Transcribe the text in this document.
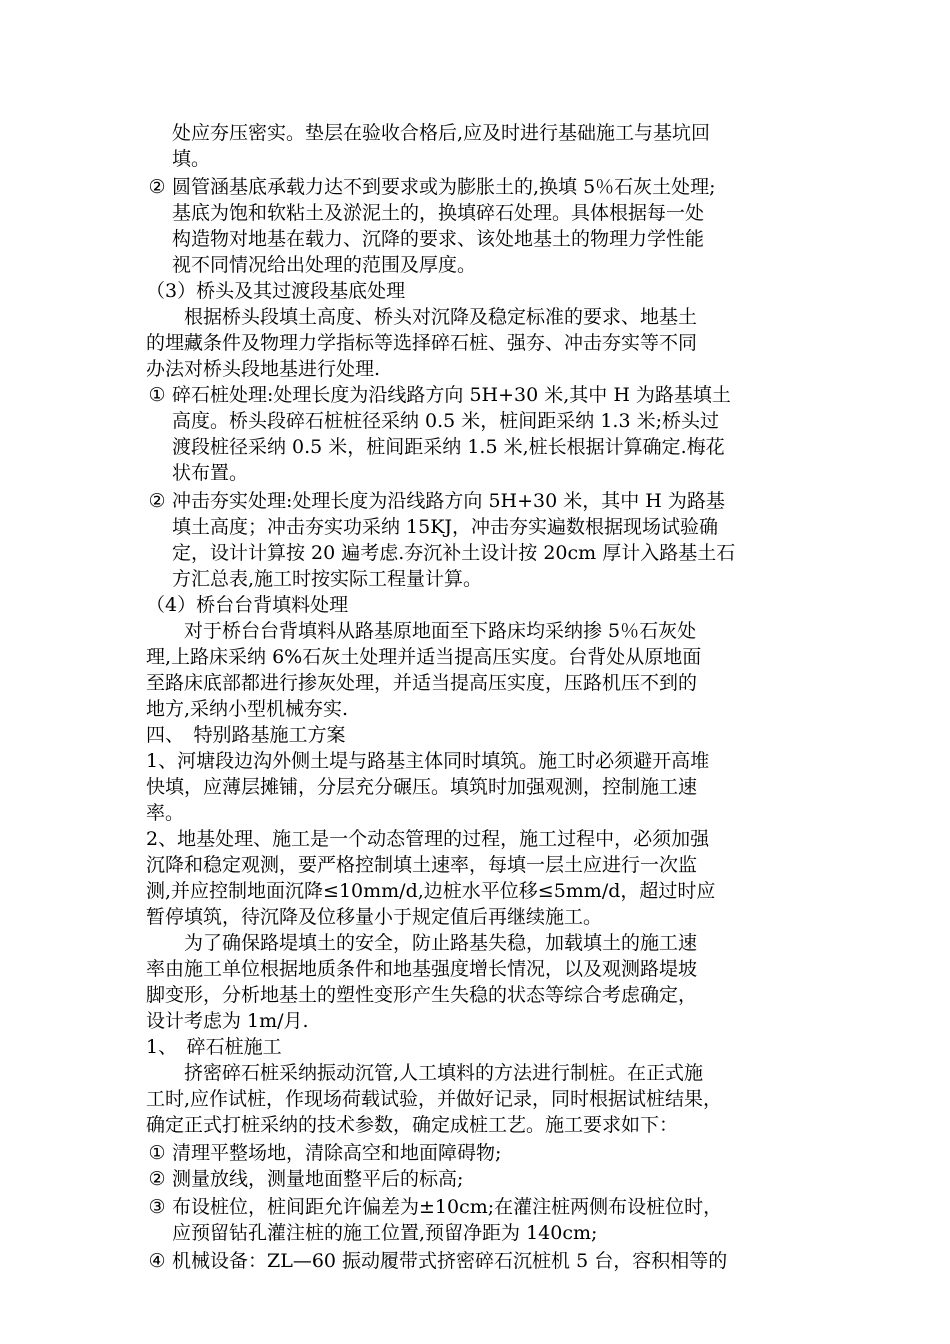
处应夯压密实。垫层在验收合格后,应及时进行基础施工与基坑回
填。
② 圆管涵基底承载力达不到要求或为膨胀土的,换填 5％石灰土处理;
基底为饱和软粘土及淤泥土的，换填碎石处理。具体根据每一处
构造物对地基在载力、沉降的要求、该处地基土的物理力学性能
视不同情况给出处理的范围及厚度。
（3）桥头及其过渡段基底处理
根据桥头段填土高度、桥头对沉降及稳定标准的要求、地基土
的埋藏条件及物理力学指标等选择碎石桩、强夯、冲击夯实等不同
办法对桥头段地基进行处理.
① 碎石桩处理:处理长度为沿线路方向 5H+30 米,其中 H 为路基填土
高度。桥头段碎石桩桩径采纳 0.5 米，桩间距采纳 1.3 米;桥头过
渡段桩径采纳 0.5 米，桩间距采纳 1.5 米,桩长根据计算确定.梅花
状布置。
② 冲击夯实处理:处理长度为沿线路方向 5H+30 米，其中 H 为路基
填土高度；冲击夯实功采纳 15KJ，冲击夯实遍数根据现场试验确
定，设计计算按 20 遍考虑.夯沉补土设计按 20cm 厚计入路基土石
方汇总表,施工时按实际工程量计算。
（4）桥台台背填料处理
对于桥台台背填料从路基原地面至下路床均采纳掺 5％石灰处
理,上路床采纳 6%石灰土处理并适当提高压实度。台背处从原地面
至路床底部都进行掺灰处理，并适当提高压实度，压路机压不到的
地方,采纳小型机械夯实.
四、　特别路基施工方案
1、河塘段边沟外侧土堤与路基主体同时填筑。施工时必须避开高堆
快填，应薄层摊铺，分层充分碾压。填筑时加强观测，控制施工速
率。
2、地基处理、施工是一个动态管理的过程，施工过程中，必须加强
沉降和稳定观测，要严格控制填土速率，每填一层土应进行一次监
测,并应控制地面沉降≤10mm/d,边桩水平位移≤5mm/d，超过时应
暂停填筑，待沉降及位移量小于规定值后再继续施工。
为了确保路堤填土的安全，防止路基失稳，加载填土的施工速
率由施工单位根据地质条件和地基强度增长情况，以及观测路堤坡
脚变形，分析地基土的塑性变形产生失稳的状态等综合考虑确定，
设计考虑为 1m/月.
1、　碎石桩施工
挤密碎石桩采纳振动沉管,人工填料的方法进行制桩。在正式施
工时,应作试桩，作现场荷载试验，并做好记录，同时根据试桩结果，
确定正式打桩采纳的技术参数，确定成桩工艺。施工要求如下：
① 清理平整场地，清除高空和地面障碍物;
② 测量放线，测量地面整平后的标高;
③ 布设桩位，桩间距允许偏差为±10cm;在灌注桩两侧布设桩位时，
应预留钻孔灌注桩的施工位置,预留净距为 140cm;
④ 机械设备：ZL—60 振动履带式挤密碎石沉桩机 5 台，容积相等的
